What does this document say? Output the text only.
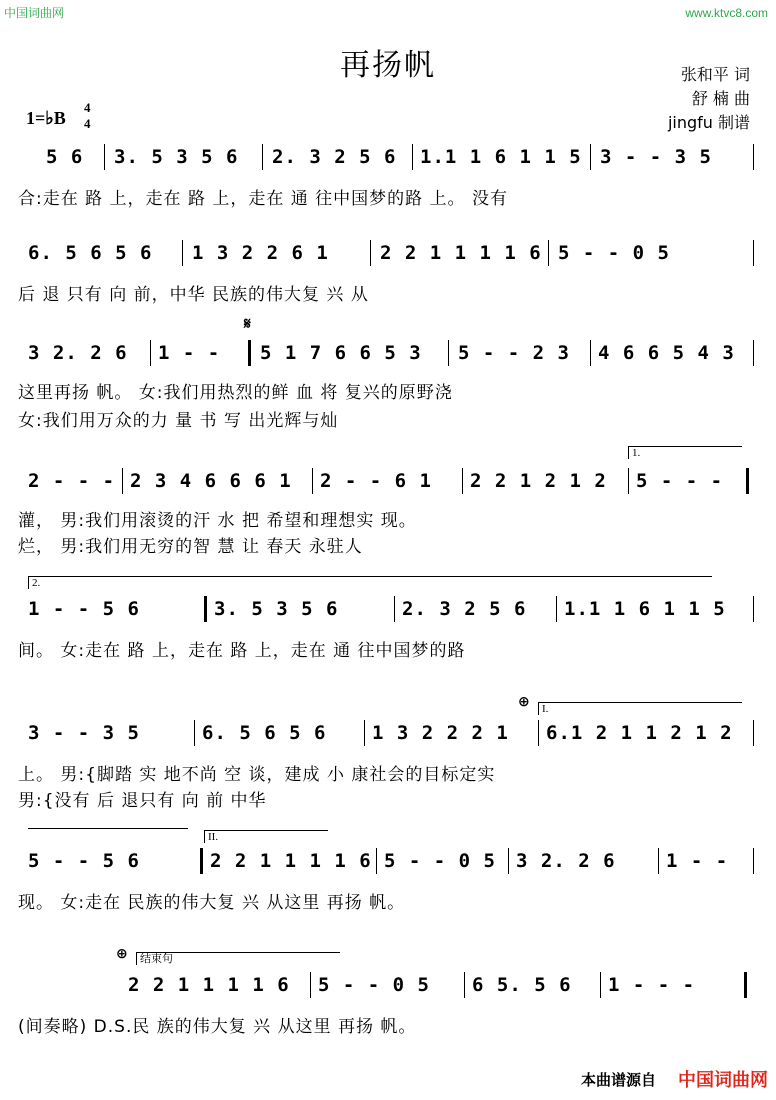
中国词曲网	www.ktvc8.com
再扬帆	张和平 词
舒 楠 曲
jingfu 制谱
1=♭B
4
4
5 6	3. 5 3 5 6	2. 3 2 5 6	1.1 1 6 1 1 5 3 - - 3 5
合:走在 路 上，走在 路 上，走在 通 往中国梦的路 上。 没有
6. 5 6 5 6	1 3 2 2 6 1	2 2 1 1 1 1 6 5 - - 0 5
后 退 只有 向 前，中华 民族的伟大复 兴 从
𝄋
3 2. 2 6	1 - -	5 1 7 6 6 5 3	5 - - 2 3	4 6 6 5 4 3
这里再扬 帆。 女:我们用热烈的鲜 血 将 复兴的原野浇
女:我们用万众的力 量 书 写 出光辉与灿
1.
2 - - - 2 3 4 6 6 6 1	2 - - 6 1	2 2 1 2 1 2	5 - - -
灌， 男:我们用滚烫的汗 水 把 希望和理想实 现。
烂， 男:我们用无穷的智 慧 让 春天 永驻人
2.
1 - - 5 6	3. 5 3 5 6	2. 3 2 5 6	1.1 1 6 1 1 5
间。 女:走在 路 上，走在 路 上，走在 通 往中国梦的路
⊕	I.
3 - - 3 5	6. 5 6 5 6	1 3 2 2 2 1	6.1 2 1 1 2 1 2
上。 男:{脚踏 实 地不尚 空 谈，建成 小 康社会的目标定实
男:{没有 后 退只有 向 前 中华
II.
5 - - 5 6	2 2 1 1 1 1 6 5 - - 0 5	3 2. 2 6	1 - -
现。 女:走在 民族的伟大复 兴 从这里 再扬 帆。
⊕	结束句
2 2 1 1 1 1 6	5 - - 0 5	6 5. 5 6	1 - - -
(间奏略) D.S.民 族的伟大复 兴 从这里 再扬 帆。
本曲谱源自 中国词曲网
